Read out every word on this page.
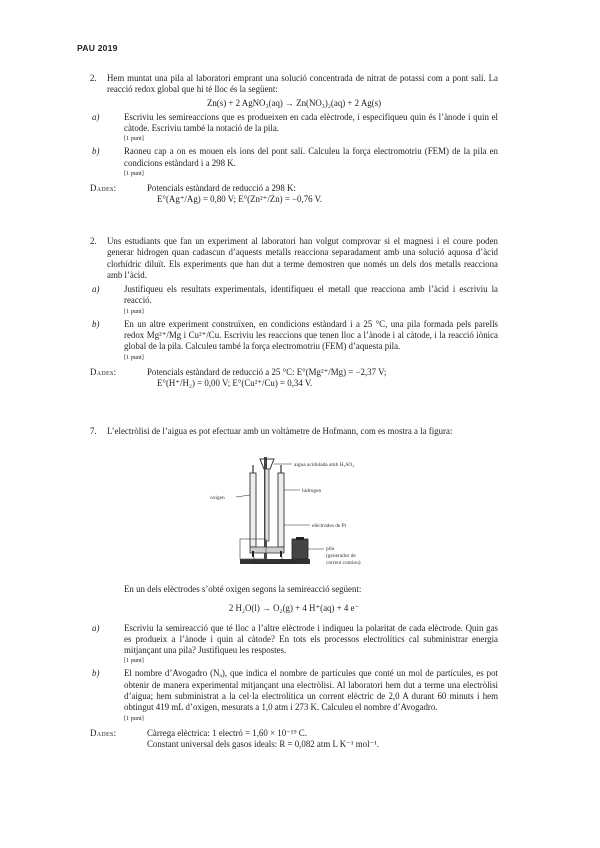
PAU 2019
2.	Hem muntat una pila al laboratori emprant una solució concentrada de nitrat de potassi com a pont salí. La reacció redox global que hi té lloc és la següent:
Zn(s) + 2 AgNO₃(aq) → Zn(NO₃)₂(aq) + 2 Ag(s)
a)	Escriviu les semireaccions que es produeixen en cada elèctrode, i especifiqueu quin és l’ànode i quin el càtode. Escriviu també la notació de la pila.
[1 punt]
b)	Raoneu cap a on es mouen els ions del pont salí. Calculeu la força electromotriu (FEM) de la pila en condicions estàndard i a 298 K.
[1 punt]
Dades:	Potencials estàndard de reducció a 298 K:
E°(Ag⁺/Ag) = 0,80 V; E°(Zn²⁺/Zn) = −0,76 V.
2.	Uns estudiants que fan un experiment al laboratori han volgut comprovar si el magnesi i el coure poden generar hidrogen quan cadascun d’aquests metalls reacciona separadament amb una solució aquosa d’àcid clorhídric diluït. Els experiments que han dut a terme demostren que només un dels dos metalls reacciona amb l’àcid.
a)	Justifiqueu els resultats experimentals, identifiqueu el metall que reacciona amb l’àcid i escriviu la reacció.
[1 punt]
b)	En un altre experiment construïxen, en condicions estàndard i a 25 °C, una pila formada pels parells redox Mg²⁺/Mg i Cu²⁺/Cu. Escriviu les reaccions que tenen lloc a l’ànode i al càtode, i la reacció iònica global de la pila. Calculeu també la força electromotriu (FEM) d’aquesta pila.
[1 punt]
Dades:	Potencials estàndard de reducció a 25 °C: E°(Mg²⁺/Mg) = −2,37 V;
E°(H⁺/H₂) = 0,00 V; E°(Cu²⁺/Cu) = 0,34 V.
7.	L’electròlisi de l’aigua es pot efectuar amb un voltàmetre de Hofmann, com es mostra a la figura:
aigua acidulada amb H₂SO₄
oxigen
hidrogen
elèctrodes de Pt
pila
(generador de
corrent continu)
En un dels elèctrodes s’obté oxigen segons la semireacció següent:
2 H₂O(l) → O₂(g) + 4 H⁺(aq) + 4 e⁻
a)	Escriviu la semireacció que té lloc a l’altre elèctrode i indiqueu la polaritat de cada elèctrode. Quin gas es produeix a l’ànode i quin al càtode? En tots els processos electrolítics cal subministrar energia mitjançant una pila? Justifiqueu les respostes.
[1 punt]
b)	El nombre d’Avogadro (Nₐ), que indica el nombre de partícules que conté un mol de partícules, es pot obtenir de manera experimental mitjançant una electròlisi. Al laboratori hem dut a terme una electròlisi d’aigua; hem subministrat a la cel·la electrolítica un corrent elèctric de 2,0 A durant 60 minuts i hem obtingut 419 mL d’oxigen, mesurats a 1,0 atm i 273 K. Calculeu el nombre d’Avogadro.
[1 punt]
Dades:	Càrrega elèctrica: 1 electró = 1,60 × 10⁻¹⁹ C.
Constant universal dels gasos ideals: R = 0,082 atm L K⁻¹ mol⁻¹.
